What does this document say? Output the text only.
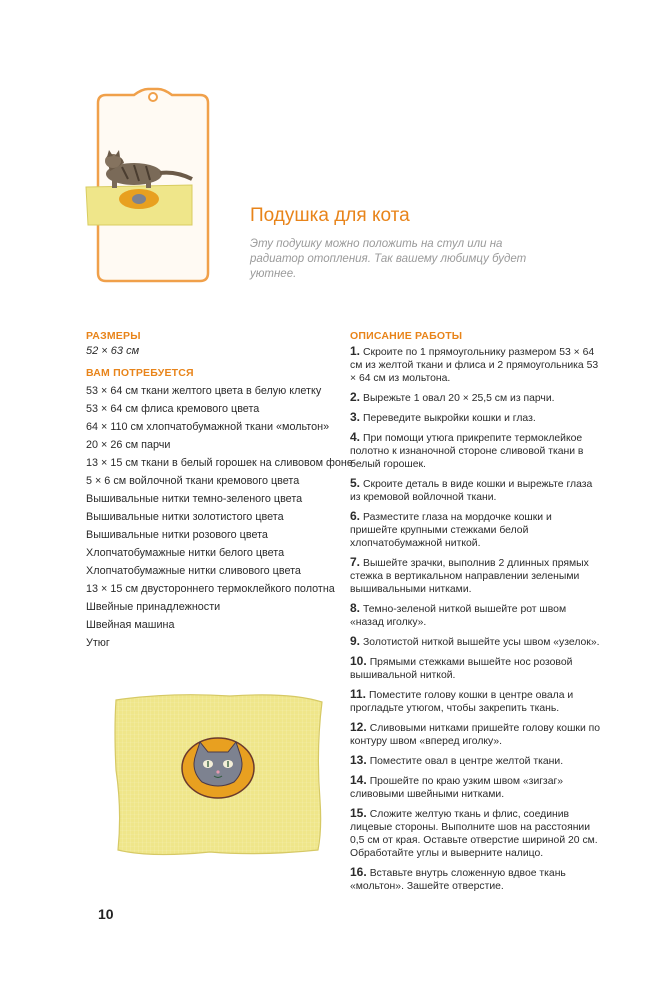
Подушка для кота

Эту подушку можно положить на стул или на радиатор отопления. Так вашему любимцу будет уютнее.

РАЗМЕРЫ

52 × 63 см

ВАМ ПОТРЕБУЕТСЯ
53 × 64 см ткани желтого цвета в белую клетку
53 × 64 см флиса кремового цвета
64 × 110 см хлопчатобумажной ткани «мольтон»
20 × 26 см парчи
13 × 15 см ткани в белый горошек на сливовом фоне
5 × 6 см войлочной ткани кремового цвета
Вышивальные нитки темно-зеленого цвета
Вышивальные нитки золотистого цвета
Вышивальные нитки розового цвета
Хлопчатобумажные нитки белого цвета
Хлопчатобумажные нитки сливового цвета
13 × 15 см двустороннего термоклейкого полотна
Швейные принадлежности
Швейная машина
Утюг
ОПИСАНИЕ РАБОТЫ
1. Скроите по 1 прямоугольнику размером 53 × 64 см из желтой ткани и флиса и 2 прямоугольника 53 × 64 см из мольтона.
2. Вырежьте 1 овал 20 × 25,5 см из парчи.
3. Переведите выкройки кошки и глаз.
4. При помощи утюга прикрепите термоклейкое полотно к изнаночной стороне сливовой ткани в белый горошек.
5. Скроите деталь в виде кошки и вырежьте глаза из кремовой войлочной ткани.
6. Разместите глаза на мордочке кошки и пришейте крупными стежками белой хлопчатобумажной ниткой.
7. Вышейте зрачки, выполнив 2 длинных прямых стежка в вертикальном направлении зелеными вышивальными нитками.
8. Темно-зеленой ниткой вышейте рот швом «назад иголку».
9. Золотистой ниткой вышейте усы швом «узелок».
10. Прямыми стежками вышейте нос розовой вышивальной ниткой.
11. Поместите голову кошки в центре овала и прогладьте утюгом, чтобы закрепить ткань.
12. Сливовыми нитками пришейте голову кошки по контуру швом «вперед иголку».
13. Поместите овал в центре желтой ткани.
14. Прошейте по краю узким швом «зигзаг» сливовыми швейными нитками.
15. Сложите желтую ткань и флис, соединив лицевые стороны. Выполните шов на расстоянии 0,5 см от края. Оставьте отверстие шириной 20 см. Обработайте углы и выверните налицо.
16. Вставьте внутрь сложенную вдвое ткань «мольтон». Зашейте отверстие.
10
